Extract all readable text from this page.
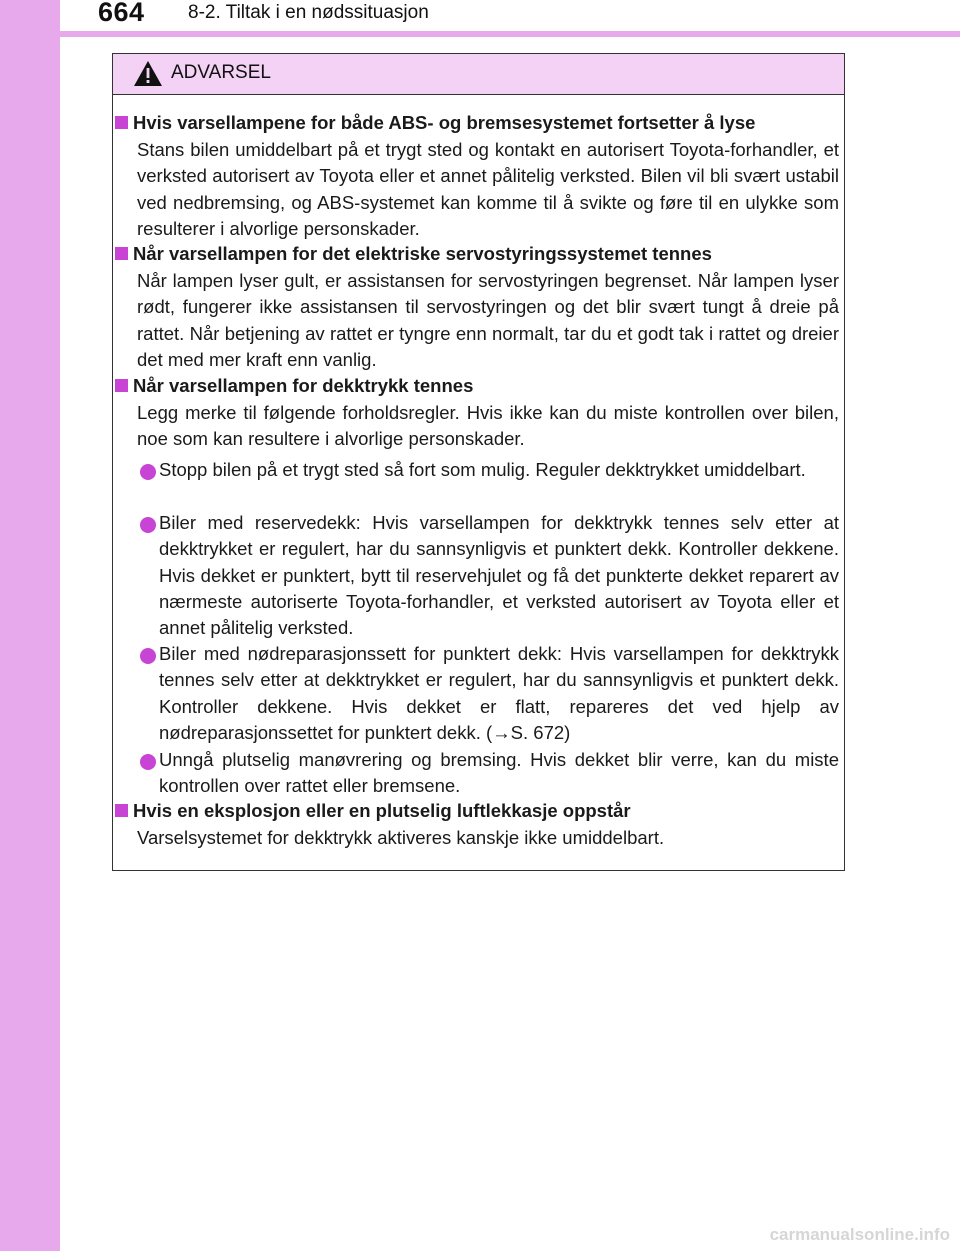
664 8-2. Tiltak i en nødssituasjon
ADVARSEL
Hvis varsellampene for både ABS- og bremsesystemet fortsetter å lyse
Stans bilen umiddelbart på et trygt sted og kontakt en autorisert Toyota-forhandler, et verksted autorisert av Toyota eller et annet pålitelig verksted. Bilen vil bli svært ustabil ved nedbremsing, og ABS-systemet kan komme til å svikte og føre til en ulykke som resulterer i alvorlige personskader.
Når varsellampen for det elektriske servostyringssystemet tennes
Når lampen lyser gult, er assistansen for servostyringen begrenset. Når lampen lyser rødt, fungerer ikke assistansen til servostyringen og det blir svært tungt å dreie på rattet. Når betjening av rattet er tyngre enn normalt, tar du et godt tak i rattet og dreier det med mer kraft enn vanlig.
Når varsellampen for dekktrykk tennes
Legg merke til følgende forholdsregler. Hvis ikke kan du miste kontrollen over bilen, noe som kan resultere i alvorlige personskader.
Stopp bilen på et trygt sted så fort som mulig. Reguler dekktrykket umiddelbart.
Biler med reservedekk: Hvis varsellampen for dekktrykk tennes selv etter at dekktrykket er regulert, har du sannsynligvis et punktert dekk. Kontroller dekkene. Hvis dekket er punktert, bytt til reservehjulet og få det punkterte dekket reparert av nærmeste autoriserte Toyota-forhandler, et verksted autorisert av Toyota eller et annet pålitelig verksted.
Biler med nødreparasjonssett for punktert dekk: Hvis varsellampen for dekktrykk tennes selv etter at dekktrykket er regulert, har du sannsynligvis et punktert dekk. Kontroller dekkene. Hvis dekket er flatt, repareres det ved hjelp av nødreparasjonssettet for punktert dekk. (→S. 672)
Unngå plutselig manøvrering og bremsing. Hvis dekket blir verre, kan du miste kontrollen over rattet eller bremsene.
Hvis en eksplosjon eller en plutselig luftlekkasje oppstår
Varselsystemet for dekktrykk aktiveres kanskje ikke umiddelbart.
carmanualsonline.info
